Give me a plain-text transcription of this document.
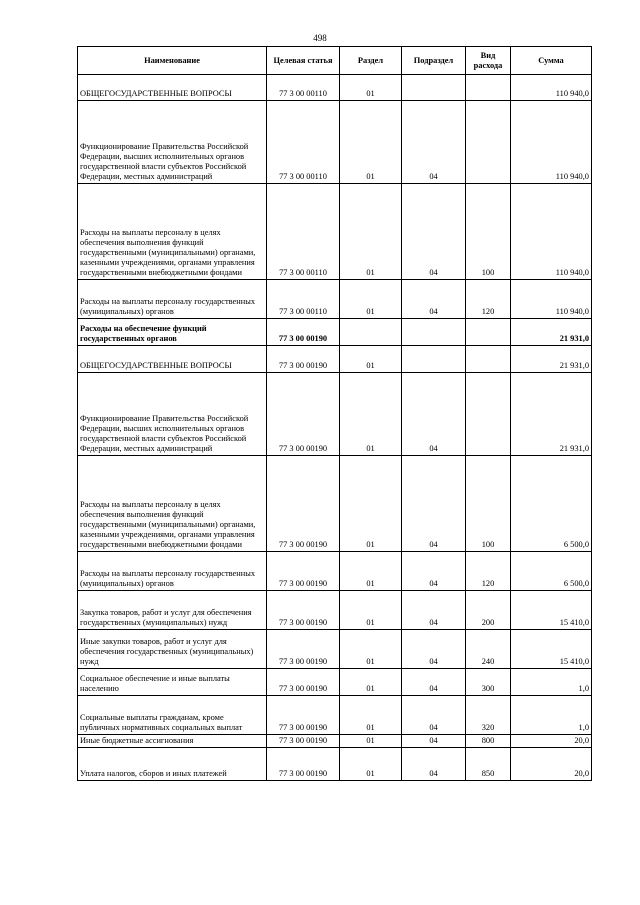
498
Наименование	Целевая статья	Раздел	Подраздел	Вид расхода	Сумма
ОБЩЕГОСУДАРСТВЕННЫЕ ВОПРОСЫ	77 3 00 00110	01			110 940,0
Функционирование Правительства Российской Федерации, высших исполнительных органов государственной власти субъектов Российской Федерации, местных администраций	77 3 00 00110	01	04		110 940,0
Расходы на выплаты персоналу в целях обеспечения выполнения функций государственными (муниципальными) органами, казенными учреждениями, органами управления государственными внебюджетными фондами	77 3 00 00110	01	04	100	110 940,0
Расходы на выплаты персоналу государственных (муниципальных) органов	77 3 00 00110	01	04	120	110 940,0
Расходы на обеспечение функций государственных органов	77 3 00 00190				21 931,0
ОБЩЕГОСУДАРСТВЕННЫЕ ВОПРОСЫ	77 3 00 00190	01			21 931,0
Функционирование Правительства Российской Федерации, высших исполнительных органов государственной власти субъектов Российской Федерации, местных администраций	77 3 00 00190	01	04		21 931,0
Расходы на выплаты персоналу в целях обеспечения выполнения функций государственными (муниципальными) органами, казенными учреждениями, органами управления государственными внебюджетными фондами	77 3 00 00190	01	04	100	6 500,0
Расходы на выплаты персоналу государственных (муниципальных) органов	77 3 00 00190	01	04	120	6 500,0
Закупка товаров, работ и услуг для обеспечения государственных (муниципальных) нужд	77 3 00 00190	01	04	200	15 410,0
Иные закупки товаров, работ и услуг для обеспечения государственных (муниципальных) нужд	77 3 00 00190	01	04	240	15 410,0
Социальное обеспечение и иные выплаты населению	77 3 00 00190	01	04	300	1,0
Социальные выплаты гражданам, кроме публичных нормативных социальных выплат	77 3 00 00190	01	04	320	1,0
Иные бюджетные ассигнования	77 3 00 00190	01	04	800	20,0
Уплата налогов, сборов и иных платежей	77 3 00 00190	01	04	850	20,0
